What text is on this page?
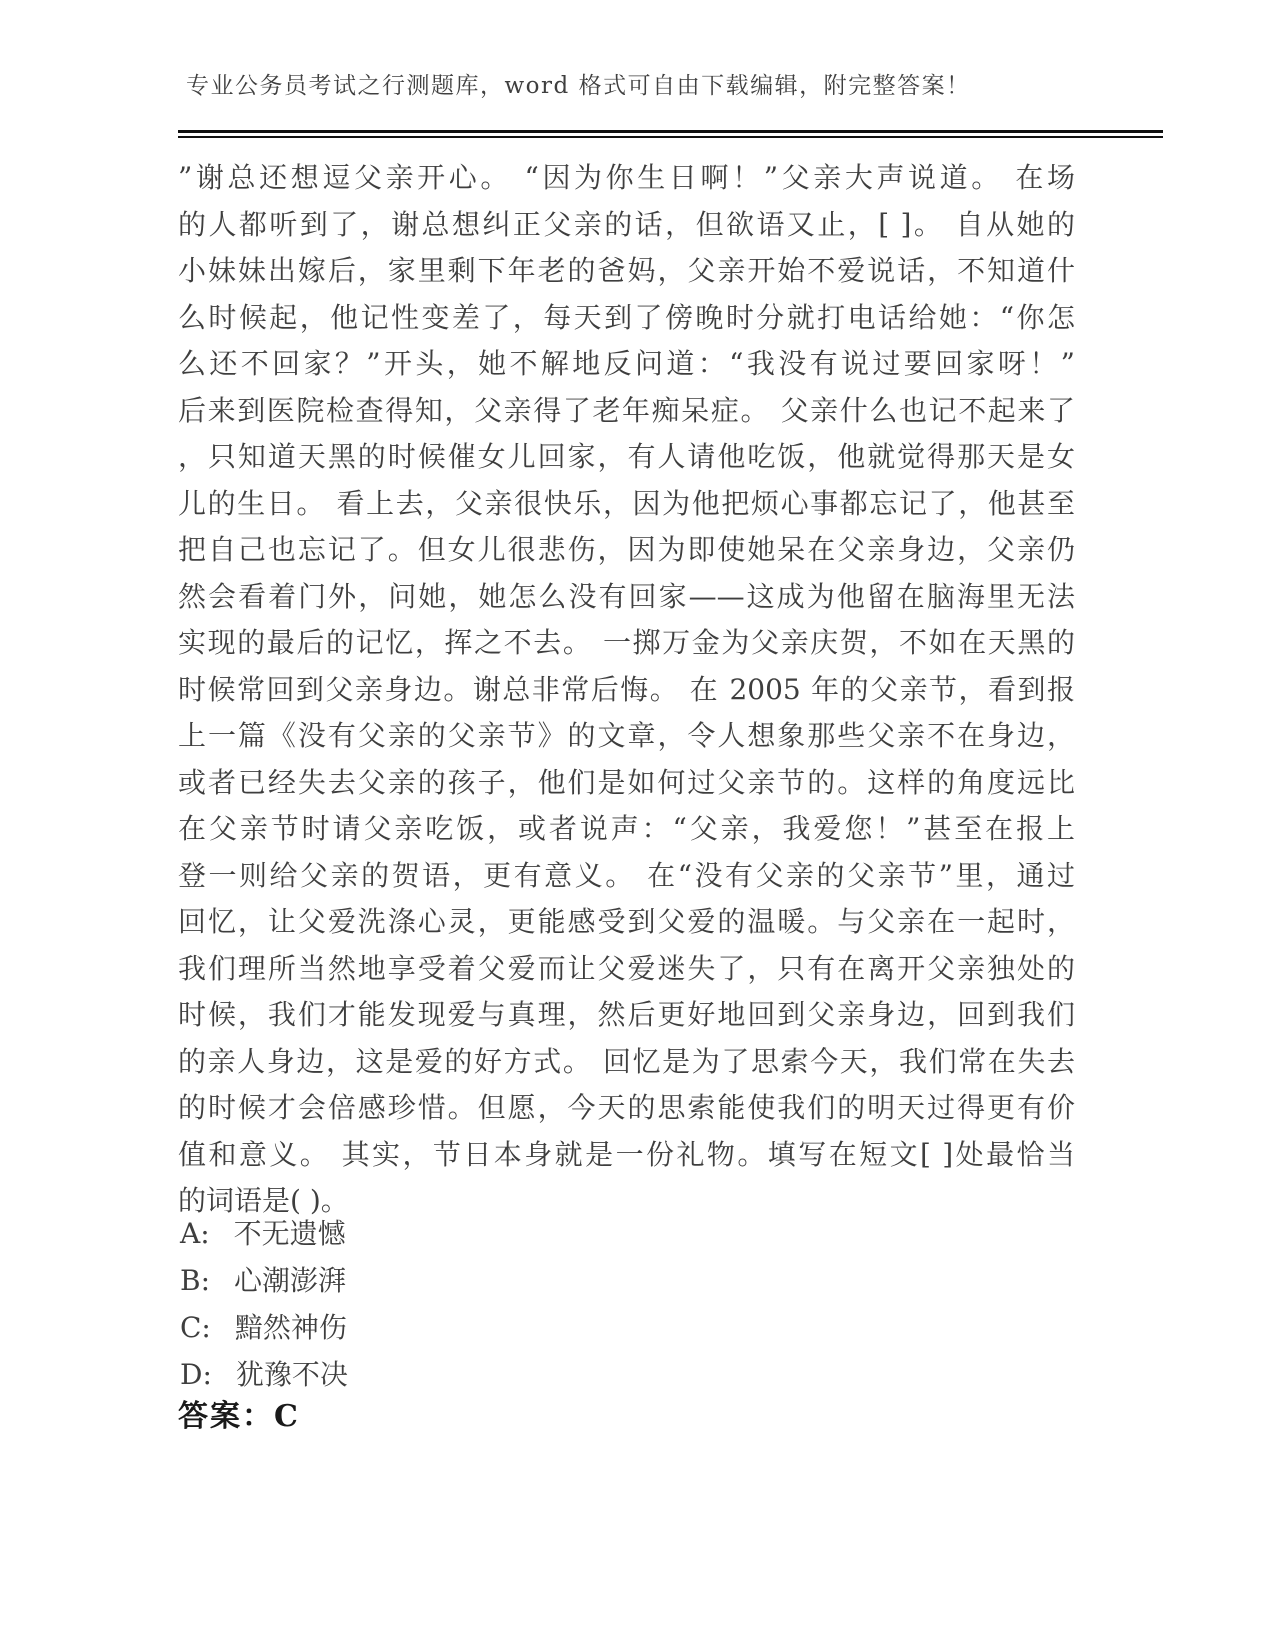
专业公务员考试之行测题库，word 格式可自由下载编辑，附完整答案！
”谢总还想逗父亲开心。 “因为你生日啊！”父亲大声说道。 在场
的人都听到了，谢总想纠正父亲的话，但欲语又止，[ ]。 自从她的
小妹妹出嫁后，家里剩下年老的爸妈，父亲开始不爱说话，不知道什
么时候起，他记性变差了，每天到了傍晚时分就打电话给她：“你怎
么还不回家？”开头，她不解地反问道：“我没有说过要回家呀！”
后来到医院检查得知，父亲得了老年痴呆症。 父亲什么也记不起来了
，只知道天黑的时候催女儿回家，有人请他吃饭，他就觉得那天是女
儿的生日。 看上去，父亲很快乐，因为他把烦心事都忘记了，他甚至
把自己也忘记了。但女儿很悲伤，因为即使她呆在父亲身边，父亲仍
然会看着门外，问她，她怎么没有回家——这成为他留在脑海里无法
实现的最后的记忆，挥之不去。 一掷万金为父亲庆贺，不如在天黑的
时候常回到父亲身边。谢总非常后悔。 在 2005 年的父亲节，看到报
上一篇《没有父亲的父亲节》的文章，令人想象那些父亲不在身边，
或者已经失去父亲的孩子，他们是如何过父亲节的。这样的角度远比
在父亲节时请父亲吃饭，或者说声：“父亲，我爱您！”甚至在报上
登一则给父亲的贺语，更有意义。 在“没有父亲的父亲节”里，通过
回忆，让父爱洗涤心灵，更能感受到父爱的温暖。与父亲在一起时，
我们理所当然地享受着父爱而让父爱迷失了，只有在离开父亲独处的
时候，我们才能发现爱与真理，然后更好地回到父亲身边，回到我们
的亲人身边，这是爱的好方式。 回忆是为了思索今天，我们常在失去
的时候才会倍感珍惜。但愿，今天的思索能使我们的明天过得更有价
值和意义。 其实，节日本身就是一份礼物。填写在短文[ ]处最恰当
的词语是( )。
A: 不无遗憾
B: 心潮澎湃
C: 黯然神伤
D: 犹豫不决
答案：C
